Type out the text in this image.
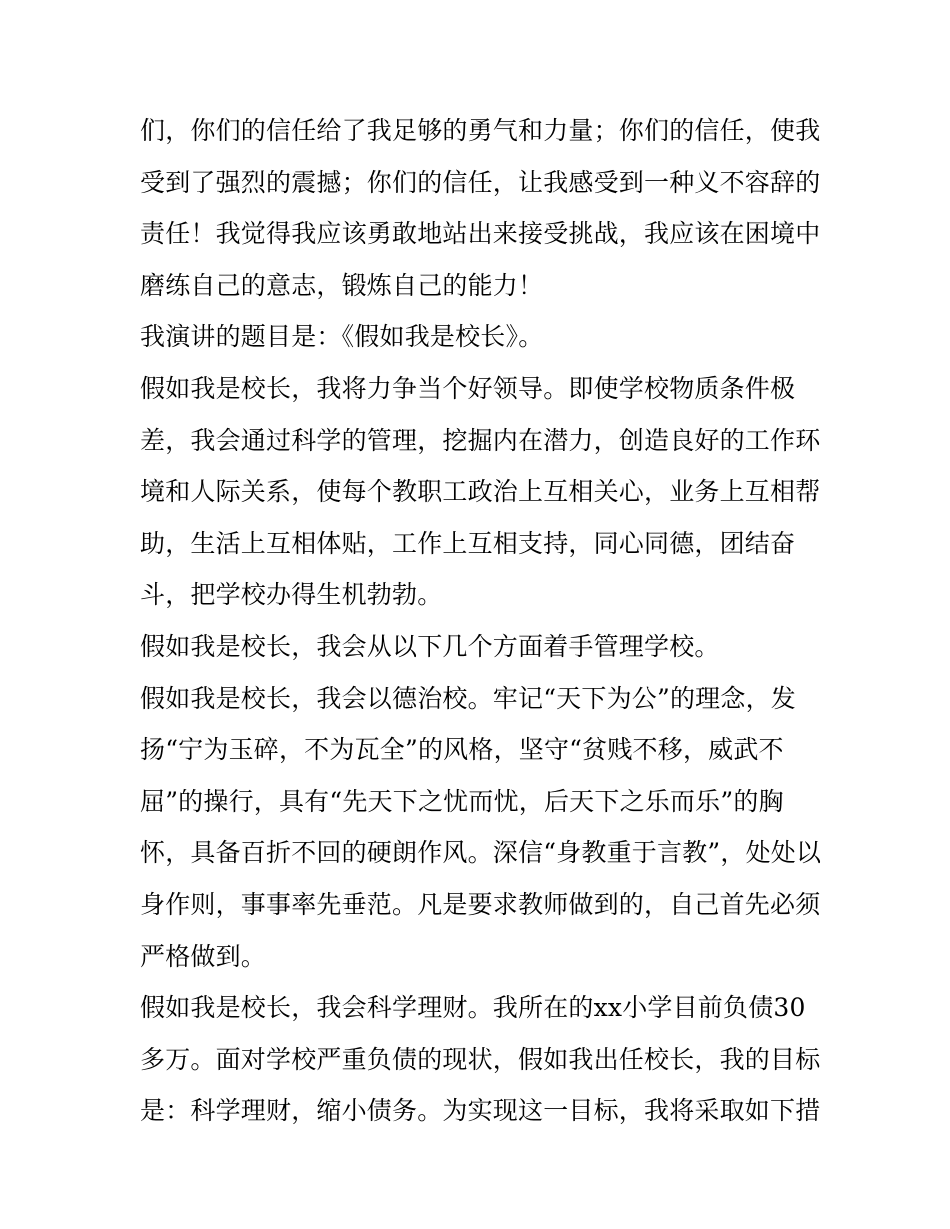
们，你们的信任给了我足够的勇气和力量；你们的信任，使我
受到了强烈的震撼；你们的信任，让我感受到一种义不容辞的
责任！我觉得我应该勇敢地站出来接受挑战，我应该在困境中
磨练自己的意志，锻炼自己的能力！
我演讲的题目是：《假如我是校长》。
假如我是校长，我将力争当个好领导。即使学校物质条件极
差，我会通过科学的管理，挖掘内在潜力，创造良好的工作环
境和人际关系，使每个教职工政治上互相关心，业务上互相帮
助，生活上互相体贴，工作上互相支持，同心同德，团结奋
斗，把学校办得生机勃勃。
假如我是校长，我会从以下几个方面着手管理学校。
假如我是校长，我会以德治校。牢记“天下为公”的理念，发
扬“宁为玉碎，不为瓦全”的风格，坚守“贫贱不移，威武不
屈”的操行，具有“先天下之忧而忧，后天下之乐而乐”的胸
怀，具备百折不回的硬朗作风。深信“身教重于言教”，处处以
身作则，事事率先垂范。凡是要求教师做到的，自己首先必须
严格做到。
假如我是校长，我会科学理财。我所在的xx小学目前负债30
多万。面对学校严重负债的现状，假如我出任校长，我的目标
是：科学理财，缩小债务。为实现这一目标，我将采取如下措
